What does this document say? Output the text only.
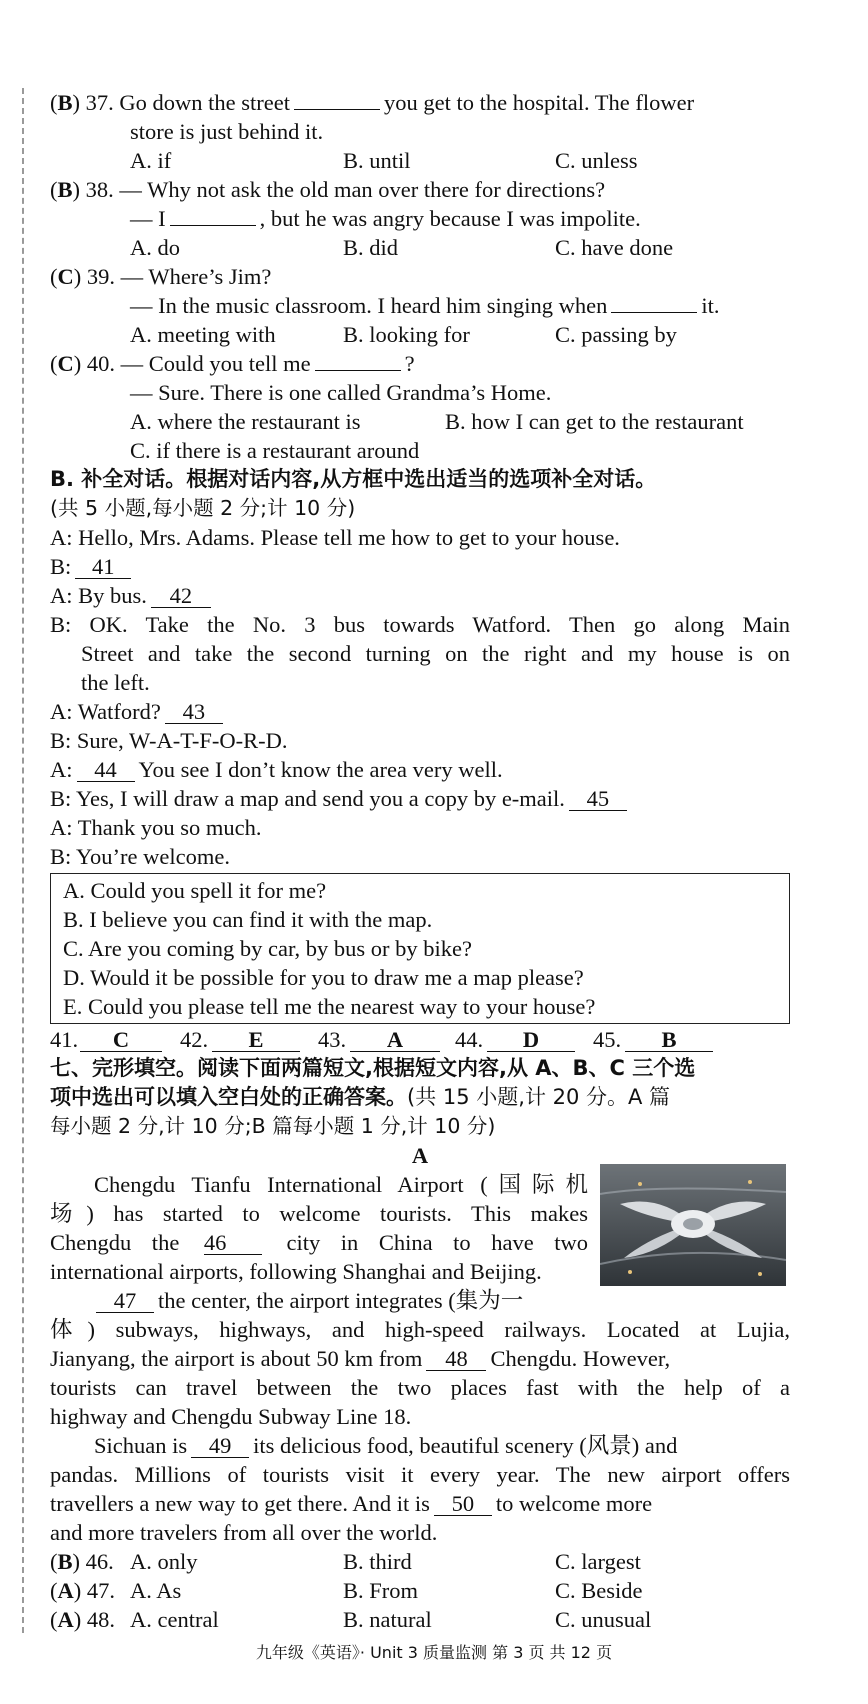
(B) 37. Go down the street	you get to the hospital. The flower
store is just behind it.
A. if	B. until	C. unless
(B) 38. — Why not ask the old man over there for directions?
— I	, but he was angry because I was impolite.
A. do	B. did	C. have done
(C) 39. — Where’s Jim?
— In the music classroom. I heard him singing when	it.
A. meeting with	B. looking for	C. passing by
(C) 40. — Could you tell me	?
— Sure. There is one called Grandma’s Home.
A. where the restaurant is	B. how I can get to the restaurant
C. if there is a restaurant around
B. 补全对话。根据对话内容,从方框中选出适当的选项补全对话。
(共 5 小题,每小题 2 分;计 10 分)
A: Hello, Mrs. Adams. Please tell me how to get to your house.
B: 41
A: By bus. 42
B: OK. Take the No. 3 bus towards Watford. Then go along Main
Street and take the second turning on the right and my house is on
the left.
A: Watford? 43
B: Sure, W-A-T-F-O-R-D.
A: 44 You see I don’t know the area very well.
B: Yes, I will draw a map and send you a copy by e-mail. 45
A: Thank you so much.
B: You’re welcome.
A. Could you spell it for me?
B. I believe you can find it with the map.
C. Are you coming by car, by bus or by bike?
D. Would it be possible for you to draw me a map please?
E. Could you please tell me the nearest way to your house?
41.	C	42.	E	43.	A	44.	D	45.	B
七、完形填空。阅读下面两篇短文,根据短文内容,从 A、B、C 三个选
项中选出可以填入空白处的正确答案。(共 15 小题,计 20 分。A 篇
每小题 2 分,计 10 分;B 篇每小题 1 分,计 10 分)
A
Chengdu Tianfu International Airport (国际机
场) has started to welcome tourists. This makes
Chengdu the 46	city in China to have two
international airports, following Shanghai and Beijing.
47 the center, the airport integrates (集为一
体) subways, highways, and high-speed railways. Located at Lujia,
Jianyang, the airport is about 50 km from 48 Chengdu. However,
tourists can travel between the two places fast with the help of a
highway and Chengdu Subway Line 18.
Sichuan is 49 its delicious food, beautiful scenery (风景) and
pandas. Millions of tourists visit it every year. The new airport offers
travellers a new way to get there. And it is 50 to welcome more
and more travelers from all over the world.
(B) 46. A. only	B. third	C. largest
(A) 47. A. As	B. From	C. Beside
(A) 48. A. central	B. natural	C. unusual
九年级《英语》· Unit 3 质量监测 第 3 页 共 12 页
